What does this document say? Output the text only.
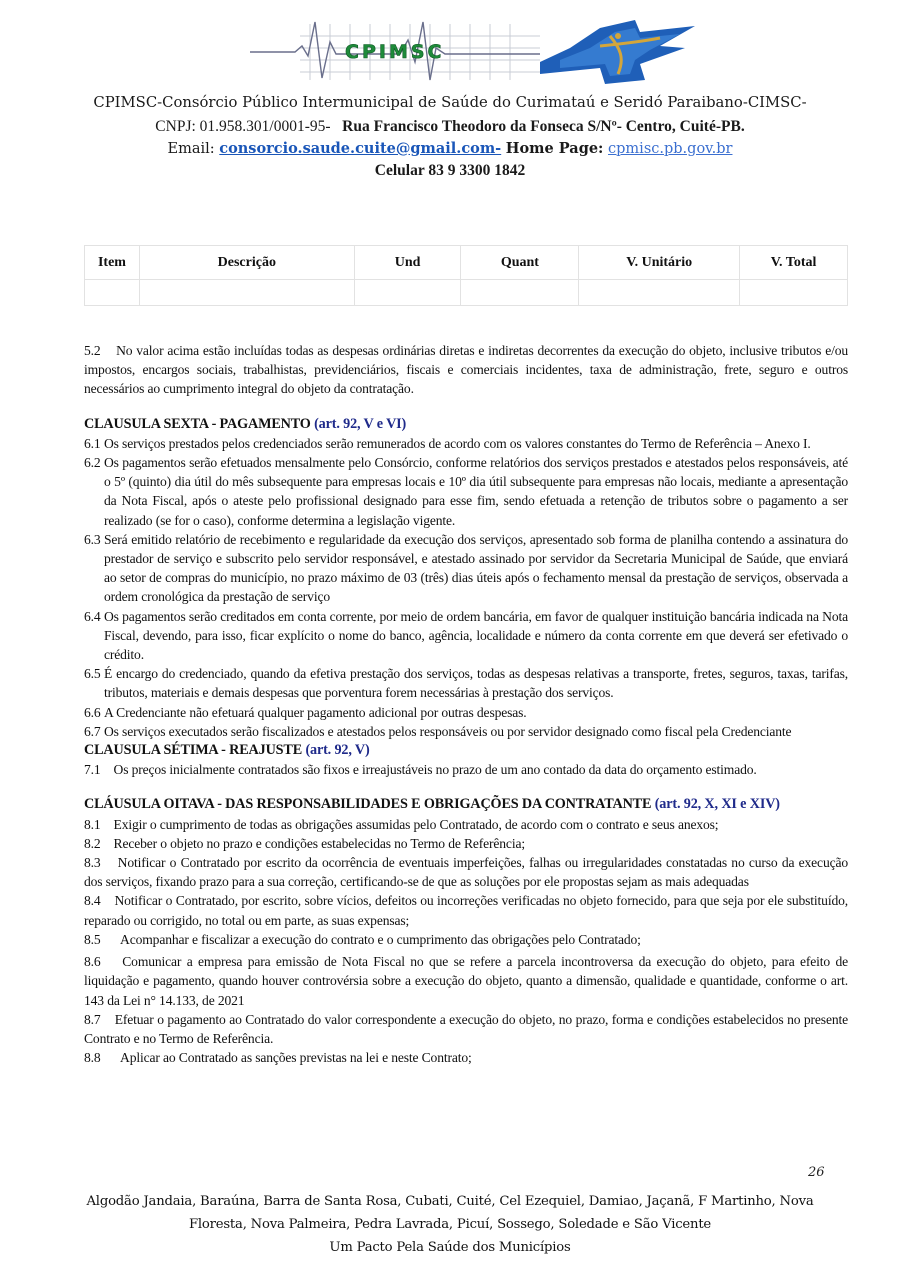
CPIMSC
CPIMSC-Consórcio Público Intermunicipal de Saúde do Curimataú e Seridó Paraibano-CIMSC-
CNPJ: 01.958.301/0001-95- Rua Francisco Theodoro da Fonseca S/Nº- Centro, Cuité-PB.
Email: consorcio.saude.cuite@gmail.com- Home Page: cpmisc.pb.gov.br
Celular 83 9 3300 1842
Item	Descrição	Und	Quant	V. Unitário	V. Total

5.2 No valor acima estão incluídas todas as despesas ordinárias diretas e indiretas decorrentes da execução do objeto, inclusive tributos e/ou impostos, encargos sociais, trabalhistas, previdenciários, fiscais e comerciais incidentes, taxa de administração, frete, seguro e outros necessários ao cumprimento integral do objeto da contratação.

CLAUSULA SEXTA - PAGAMENTO (art. 92, V e VI)

6.1 Os serviços prestados pelos credenciados serão remunerados de acordo com os valores constantes do Termo de Referência – Anexo I.

6.2 Os pagamentos serão efetuados mensalmente pelo Consórcio, conforme relatórios dos serviços prestados e atestados pelos responsáveis, até o 5º (quinto) dia útil do mês subsequente para empresas locais e 10º dia útil subsequente para empresas não locais, mediante a apresentação da Nota Fiscal, após o ateste pelo profissional designado para esse fim, sendo efetuada a retenção de tributos sobre o pagamento a ser realizado (se for o caso), conforme determina a legislação vigente.

6.3 Será emitido relatório de recebimento e regularidade da execução dos serviços, apresentado sob forma de planilha contendo a assinatura do prestador de serviço e subscrito pelo servidor responsável, e atestado assinado por servidor da Secretaria Municipal de Saúde, que enviará ao setor de compras do município, no prazo máximo de 03 (três) dias úteis após o fechamento mensal da prestação de serviços, observada a ordem cronológica da prestação de serviço

6.4 Os pagamentos serão creditados em conta corrente, por meio de ordem bancária, em favor de qualquer instituição bancária indicada na Nota Fiscal, devendo, para isso, ficar explícito o nome do banco, agência, localidade e número da conta corrente em que deverá ser efetivado o crédito.

6.5 É encargo do credenciado, quando da efetiva prestação dos serviços, todas as despesas relativas a transporte, fretes, seguros, taxas, tarifas, tributos, materiais e demais despesas que porventura forem necessárias à prestação dos serviços.

6.6 A Credenciante não efetuará qualquer pagamento adicional por outras despesas.

6.7 Os serviços executados serão fiscalizados e atestados pelos responsáveis ou por servidor designado como fiscal pela Credenciante

CLAUSULA SÉTIMA - REAJUSTE (art. 92, V)

7.1 Os preços inicialmente contratados são fixos e irreajustáveis no prazo de um ano contado da data do orçamento estimado.

CLÁUSULA OITAVA - DAS RESPONSABILIDADES E OBRIGAÇÕES DA CONTRATANTE (art. 92, X, XI e XIV)

8.1 Exigir o cumprimento de todas as obrigações assumidas pelo Contratado, de acordo com o contrato e seus anexos;

8.2 Receber o objeto no prazo e condições estabelecidas no Termo de Referência;

8.3 Notificar o Contratado por escrito da ocorrência de eventuais imperfeições, falhas ou irregularidades constatadas no curso da execução dos serviços, fixando prazo para a sua correção, certificando-se de que as soluções por ele propostas sejam as mais adequadas

8.4 Notificar o Contratado, por escrito, sobre vícios, defeitos ou incorreções verificadas no objeto fornecido, para que seja por ele substituído, reparado ou corrigido, no total ou em parte, as suas expensas;

8.5 Acompanhar e fiscalizar a execução do contrato e o cumprimento das obrigações pelo Contratado;

8.6 Comunicar a empresa para emissão de Nota Fiscal no que se refere a parcela incontroversa da execução do objeto, para efeito de liquidação e pagamento, quando houver controvérsia sobre a execução do objeto, quanto a dimensão, qualidade e quantidade, conforme o art. 143 da Lei n° 14.133, de 2021

8.7 Efetuar o pagamento ao Contratado do valor correspondente a execução do objeto, no prazo, forma e condições estabelecidos no presente Contrato e no Termo de Referência.

8.8 Aplicar ao Contratado as sanções previstas na lei e neste Contrato;

26
Algodão Jandaia, Baraúna, Barra de Santa Rosa, Cubati, Cuité, Cel Ezequiel, Damiao, Jaçanã, F Martinho, Nova
Floresta, Nova Palmeira, Pedra Lavrada, Picuí, Sossego, Soledade e São Vicente
Um Pacto Pela Saúde dos Municípios
